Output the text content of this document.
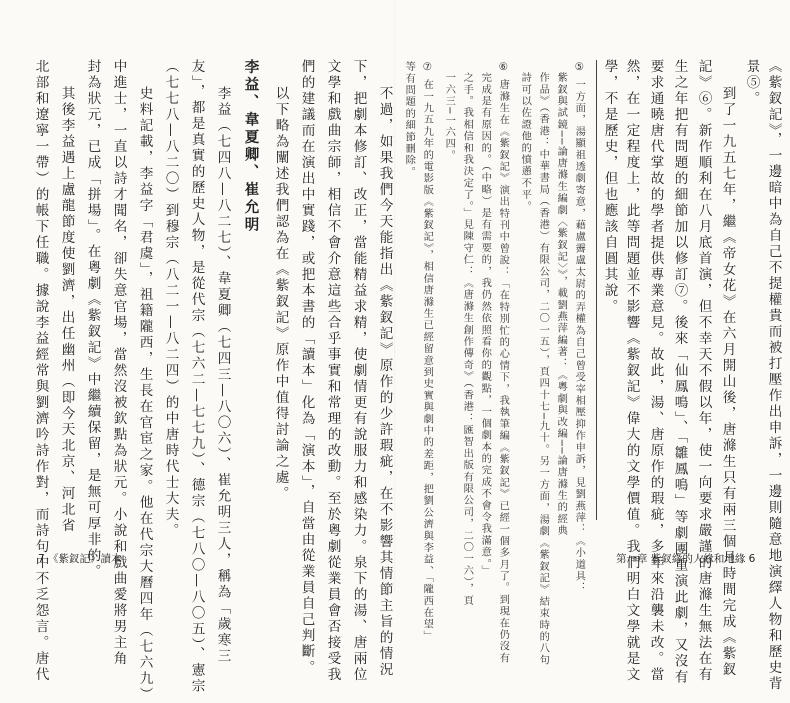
北部和遼寧一帶）的帳下任職。據說李益經常與劉濟吟詩作對，而詩句中不乏怨言。唐代 其後李益遇上盧龍節度使劉濟，出任幽州（即今天北京、河北省 封為狀元，已成「拼場」。在粵劇《紫釵記》中繼續保留，是無可厚非的。 中進士，一直以詩才聞名，卻失意官場，當然沒被欽點為狀元。小說和戲曲愛將男主角 史料記載，李益字「君虞」，祖籍隴西，生長在官宦之家。他在代宗大曆四年（七六九） （七七八—八二〇）到穆宗（八二一—八二四）的中唐時代士大夫。 友」，都是真實的歷史人物，是從代宗（七六二—七七九）、德宗（七八〇—八〇五）、憲宗 李益（七四八—八二七）、韋夏卿（七四三—八〇六）、崔允明三人，稱為「歲寒三 李益、韋夏卿、崔允明 以下略為闡述我們認為在《紫釵記》原作中值得討論之處。 們的建議而在演出中實踐，或把本書的「讀本」化為「演本」，自當由從業員自己判斷。 文學和戲曲宗師，相信不會介意這些合乎事實和常理的改動。至於粵劇從業員會否接受我 下，把劇本修訂、改正，當能精益求精，使劇情更有說服力和感染力。泉下的湯、唐兩位 不過，如果我們今天能指出《紫釵記》原作的少許瑕疵，在不影響其情節主旨的情況
7 《紫釵記》讀本
等有問題的細節刪除。 ⑦ 在一九五九年的電影版《紫釵記》，相信唐滌生已經留意到史實與劇中的差距，把劉公濟與李益、「隴西在望」 一六三─一六四。 之手。我相信和我決定了。」見陳守仁：《唐滌生創作傳奇》（香港：匯智出版有限公司，二〇一六），頁 完成是有原因的。（中略）是有需要的，我仍然依照看你的觀點，一個劇本的完成不會令我滿意。」 ⑥ 唐滌生在《紫釵記》演出特刊中曾說：「在特別忙的心情下，我執筆編《紫釵記》已經一個多月了。到現在仍沒有 詩可以佐證他的憤懣不平。 作品》（香港：中華書局（香港）有限公司，二〇一五），頁四十七─九十。另一方面，湯劇《紫釵記》結束時的八句 紫釵與試鏡──論唐滌生編劇〈紫釵記〉》，載劉燕萍編著：《粵劇與改編──論唐滌生的經典 ⑤ 一方面，湯顯祖透劇寄意，藉盧霽盧太尉的弄權為自己曾受宰相壓抑作申訴，見劉燕萍：《小道具： 學，不是歷史，但也應該自圓其說。 然，在一定程度上，此等問題並不影響《紫釵記》偉大的文學價值。我們明白文學就是文 要求通曉唐代掌故的學者提供專業意見。故此，湯、唐原作的瑕疵，多年來沿襲未改。當 生之年把有問題的細節加以修訂⑦。後來「仙鳳鳴」、「雛鳳鳴」等劇團重演此劇，又沒有 記》⑥。新作順利在八月底首演，但不幸天不假以年，使一向要求嚴謹的唐滌生無法在有 到了一九五七年，繼《帝女花》在六月開山後，唐滌生只有兩三個月時間完成《紫釵
景⑤。 《紫釵記》，一邊暗中為自己不提權貴而被打壓作出申訴，一邊則隨意地演繹人物和歷史背
第一章 紫釵緣的人緣和地緣 6
